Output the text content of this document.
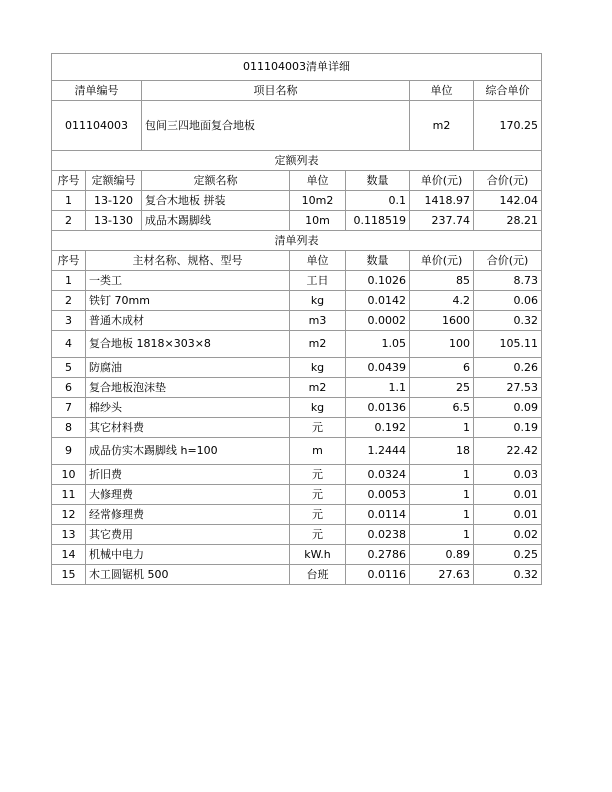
011104003清单详细						
清单编号		项目名称			单位	综合单价
011104003		包间三四地面复合地板			m2	170.25
定额列表						
序号	定额编号	定额名称	单位	数量	单价(元)	合价(元)
1	13-120	复合木地板 拼装	10m2	0.1	1418.97	142.04
2	13-130	成品木踢脚线	10m	0.118519	237.74	28.21
清单列表						
序号	主材名称、规格、型号		单位	数量	单价(元)	合价(元)
1	一类工		工日	0.1026	85	8.73
2	铁钉 70mm		kg	0.0142	4.2	0.06
3	普通木成材		m3	0.0002	1600	0.32
4	复合地板 1818×303×8		m2	1.05	100	105.11
5	防腐油		kg	0.0439	6	0.26
6	复合地板泡沫垫		m2	1.1	25	27.53
7	棉纱头		kg	0.0136	6.5	0.09
8	其它材料费		元	0.192	1	0.19
9	成品仿实木踢脚线 h=100		m	1.2444	18	22.42
10	折旧费		元	0.0324	1	0.03
11	大修理费		元	0.0053	1	0.01
12	经常修理费		元	0.0114	1	0.01
13	其它费用		元	0.0238	1	0.02
14	机械中电力		kW.h	0.2786	0.89	0.25
15	木工圆锯机 500		台班	0.0116	27.63	0.32
